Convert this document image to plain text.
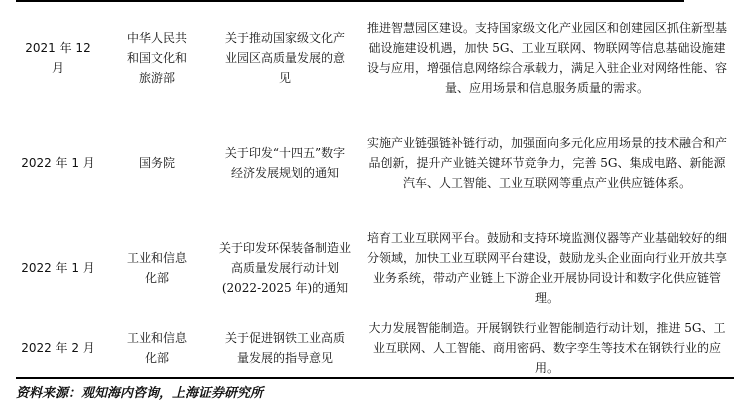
2021 年 12 月
中华人民共和国文化和旅游部
关于推动国家级文化产业园区高质量发展的意见
推进智慧园区建设。支持国家级文化产业园区和创建园区抓住新型基础设施建设机遇，加快 5G、工业互联网、物联网等信息基础设施建设与应用，增强信息网络综合承载力，满足入驻企业对网络性能、容量、应用场景和信息服务质量的需求。
2022 年 1 月	国务院
关于印发“十四五”数字经济发展规划的通知
实施产业链强链补链行动，加强面向多元化应用场景的技术融合和产品创新，提升产业链关键环节竞争力，完善 5G、集成电路、新能源汽车、人工智能、工业互联网等重点产业供应链体系。
2022 年 1 月
工业和信息化部
关于印发环保装备制造业高质量发展行动计划(2022-2025 年)的通知
培育工业互联网平台。鼓励和支持环境监测仪器等产业基础较好的细分领域，加快工业互联网平台建设，鼓励龙头企业面向行业开放共享业务系统，带动产业链上下游企业开展协同设计和数字化供应链管理。
2022 年 2 月
工业和信息化部
关于促进钢铁工业高质量发展的指导意见
大力发展智能制造。开展钢铁行业智能制造行动计划，推进 5G、工业互联网、人工智能、商用密码、数字孪生等技术在钢铁行业的应用。
资料来源：观知海内咨询，上海证券研究所
